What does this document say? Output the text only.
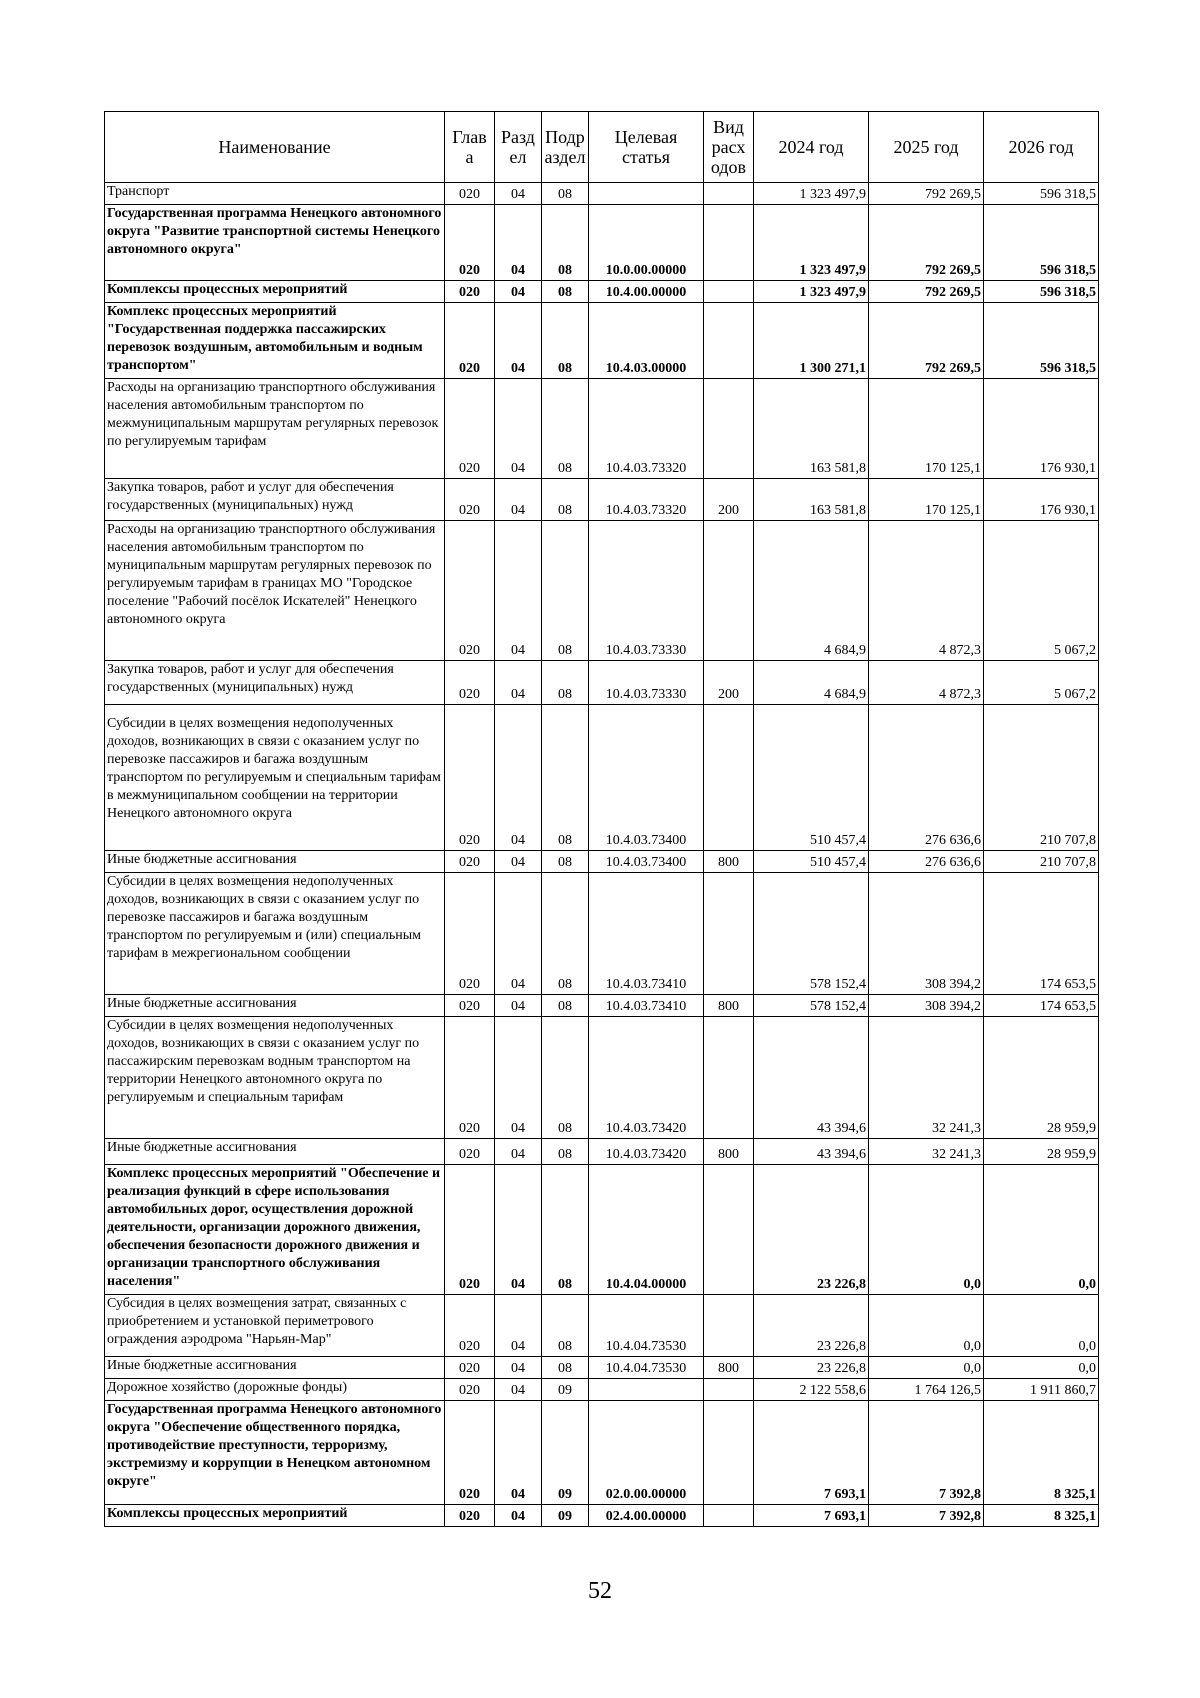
Наименование	Глав а	Разд ел	Подр аздел	Целевая статья	Вид расх одов	2024 год	2025 год	2026 год
Транспорт	020	04	08			1 323 497,9	792 269,5	596 318,5
Государственная программа Ненецкого автономного округа "Развитие транспортной системы Ненецкого автономного округа"	020	04	08	10.0.00.00000		1 323 497,9	792 269,5	596 318,5
Комплексы процессных мероприятий	020	04	08	10.4.00.00000		1 323 497,9	792 269,5	596 318,5
Комплекс процессных мероприятий "Государственная поддержка пассажирских перевозок воздушным, автомобильным и водным транспортом"	020	04	08	10.4.03.00000		1 300 271,1	792 269,5	596 318,5
Расходы на организацию транспортного обслуживания населения автомобильным транспортом по межмуниципальным маршрутам регулярных перевозок по регулируемым тарифам	020	04	08	10.4.03.73320		163 581,8	170 125,1	176 930,1
Закупка товаров, работ и услуг для обеспечения государственных (муниципальных) нужд	020	04	08	10.4.03.73320	200	163 581,8	170 125,1	176 930,1
Расходы на организацию транспортного обслуживания населения автомобильным транспортом по муниципальным маршрутам регулярных перевозок по регулируемым тарифам в границах МО "Городское поселение "Рабочий посёлок Искателей" Ненецкого автономного округа	020	04	08	10.4.03.73330		4 684,9	4 872,3	5 067,2
Закупка товаров, работ и услуг для обеспечения государственных (муниципальных) нужд	020	04	08	10.4.03.73330	200	4 684,9	4 872,3	5 067,2
Субсидии в целях возмещения недополученных доходов, возникающих в связи с оказанием услуг по перевозке пассажиров и багажа воздушным транспортом по регулируемым и специальным тарифам в межмуниципальном сообщении на территории Ненецкого автономного округа	020	04	08	10.4.03.73400		510 457,4	276 636,6	210 707,8
Иные бюджетные ассигнования	020	04	08	10.4.03.73400	800	510 457,4	276 636,6	210 707,8
Субсидии в целях возмещения недополученных доходов, возникающих в связи с оказанием услуг по перевозке пассажиров и багажа воздушным транспортом по регулируемым и (или) специальным тарифам в межрегиональном сообщении	020	04	08	10.4.03.73410		578 152,4	308 394,2	174 653,5
Иные бюджетные ассигнования	020	04	08	10.4.03.73410	800	578 152,4	308 394,2	174 653,5
Субсидии в целях возмещения недополученных доходов, возникающих в связи с оказанием услуг по пассажирским перевозкам водным транспортом на территории Ненецкого автономного округа по регулируемым и специальным тарифам	020	04	08	10.4.03.73420		43 394,6	32 241,3	28 959,9
Иные бюджетные ассигнования	020	04	08	10.4.03.73420	800	43 394,6	32 241,3	28 959,9
Комплекс процессных мероприятий "Обеспечение и реализация функций в сфере использования автомобильных дорог, осуществления дорожной деятельности, организации дорожного движения, обеспечения безопасности дорожного движения и организации транспортного обслуживания населения"	020	04	08	10.4.04.00000		23 226,8	0,0	0,0
Субсидия в целях возмещения затрат, связанных с приобретением и установкой периметрового ограждения аэродрома "Нарьян-Мар"	020	04	08	10.4.04.73530		23 226,8	0,0	0,0
Иные бюджетные ассигнования	020	04	08	10.4.04.73530	800	23 226,8	0,0	0,0
Дорожное хозяйство (дорожные фонды)	020	04	09			2 122 558,6	1 764 126,5	1 911 860,7
Государственная программа Ненецкого автономного округа "Обеспечение общественного порядка, противодействие преступности, терроризму, экстремизму и коррупции в Ненецком автономном округе"	020	04	09	02.0.00.00000		7 693,1	7 392,8	8 325,1
Комплексы процессных мероприятий	020	04	09	02.4.00.00000		7 693,1	7 392,8	8 325,1
52
